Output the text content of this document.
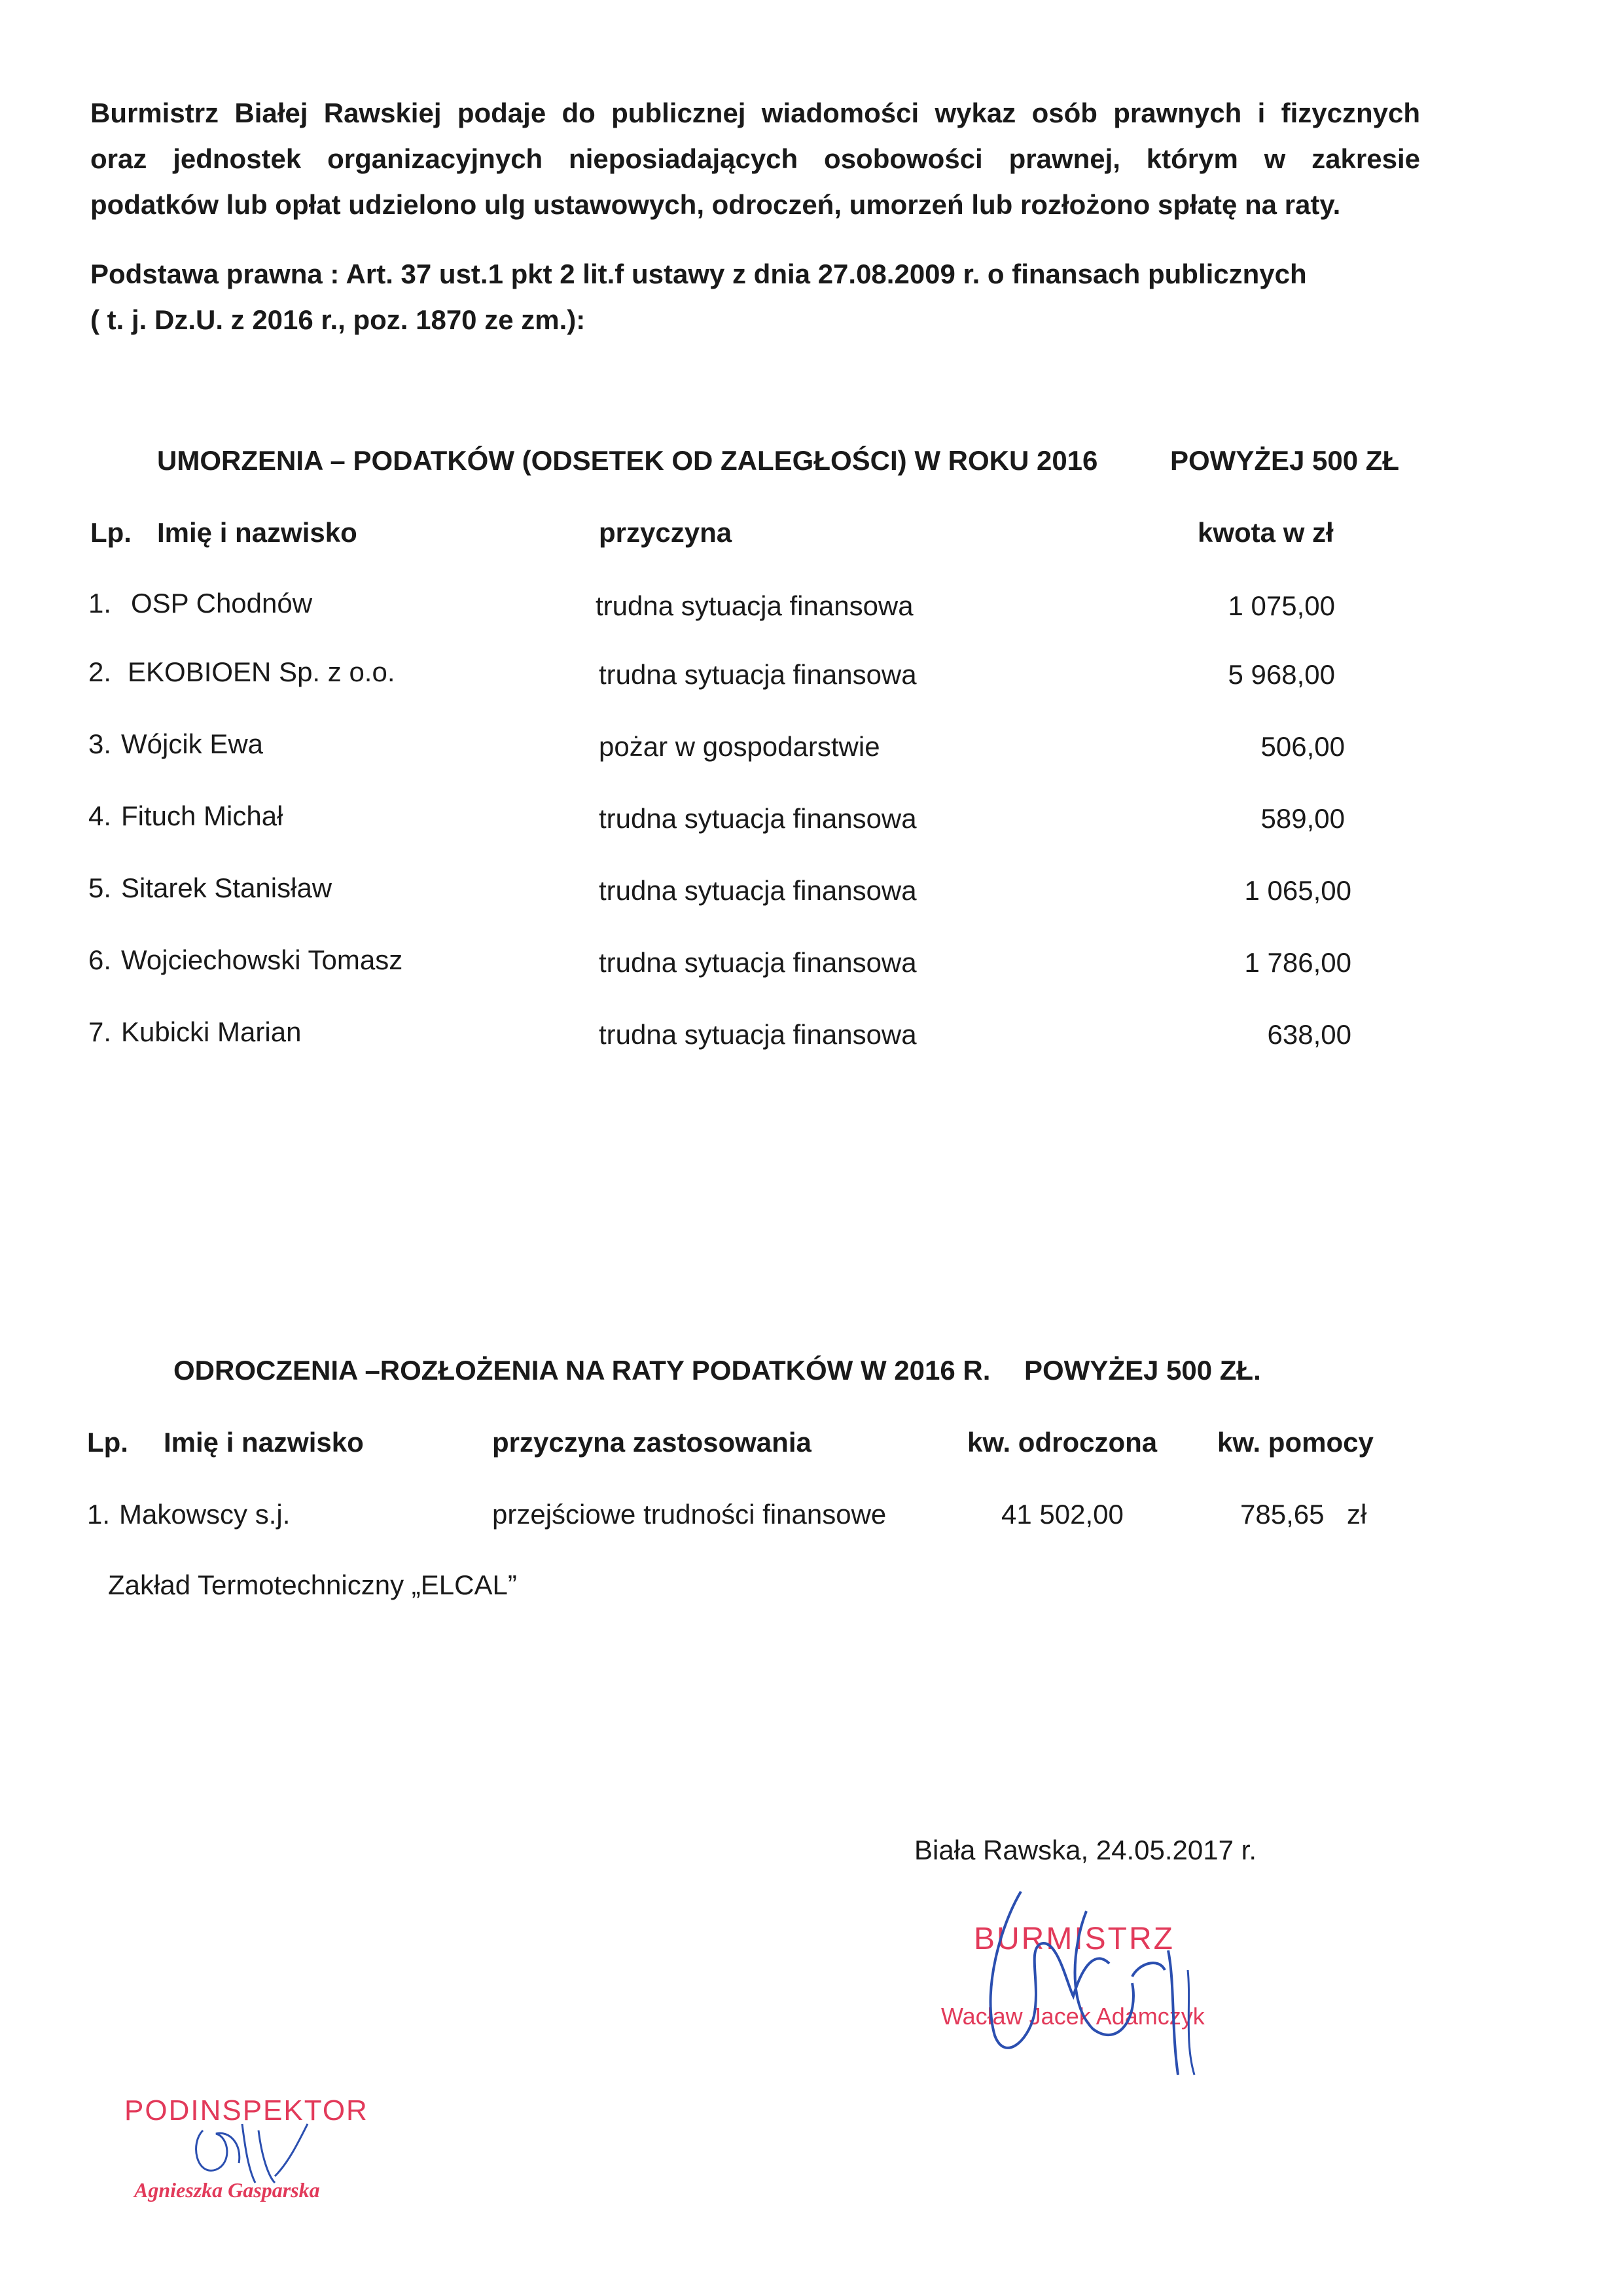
Burmistrz Białej Rawskiej podaje do publicznej wiadomości wykaz osób prawnych i fizycznych
oraz jednostek organizacyjnych nieposiadających osobowości prawnej, którym w zakresie
podatków lub opłat udzielono ulg ustawowych, odroczeń, umorzeń lub rozłożono spłatę na raty.
Podstawa prawna : Art. 37 ust.1 pkt 2 lit.f ustawy z dnia 27.08.2009 r. o finansach publicznych
( t. j. Dz.U. z 2016 r., poz. 1870 ze zm.):
UMORZENIA – PODATKÓW (ODSETEK OD ZALEGŁOŚCI) W ROKU 2016	POWYŻEJ 500 ZŁ
Lp. Imię i nazwisko	przyczyna	kwota w zł
1. OSP Chodnów	trudna sytuacja finansowa	1 075,00
2. EKOBIOEN Sp. z o.o.	trudna sytuacja finansowa	5 968,00
3. Wójcik Ewa	pożar w gospodarstwie	506,00
4. Fituch Michał	trudna sytuacja finansowa	589,00
5. Sitarek Stanisław	trudna sytuacja finansowa	1 065,00
6. Wojciechowski Tomasz	trudna sytuacja finansowa	1 786,00
7. Kubicki Marian	trudna sytuacja finansowa	638,00
ODROCZENIA –ROZŁOŻENIA NA RATY PODATKÓW W 2016 R. POWYŻEJ 500 ZŁ.
Lp. Imię i nazwisko	przyczyna zastosowania	kw. odroczona kw. pomocy
1. Makowscy s.j.	przejściowe trudności finansowe	41 502,00	785,65 zł
Zakład Termotechniczny „ELCAL”
Biała Rawska, 24.05.2017 r.
BURMISTRZ
Wacław Jacek Adamczyk
PODINSPEKTOR
Agnieszka Gasparska
